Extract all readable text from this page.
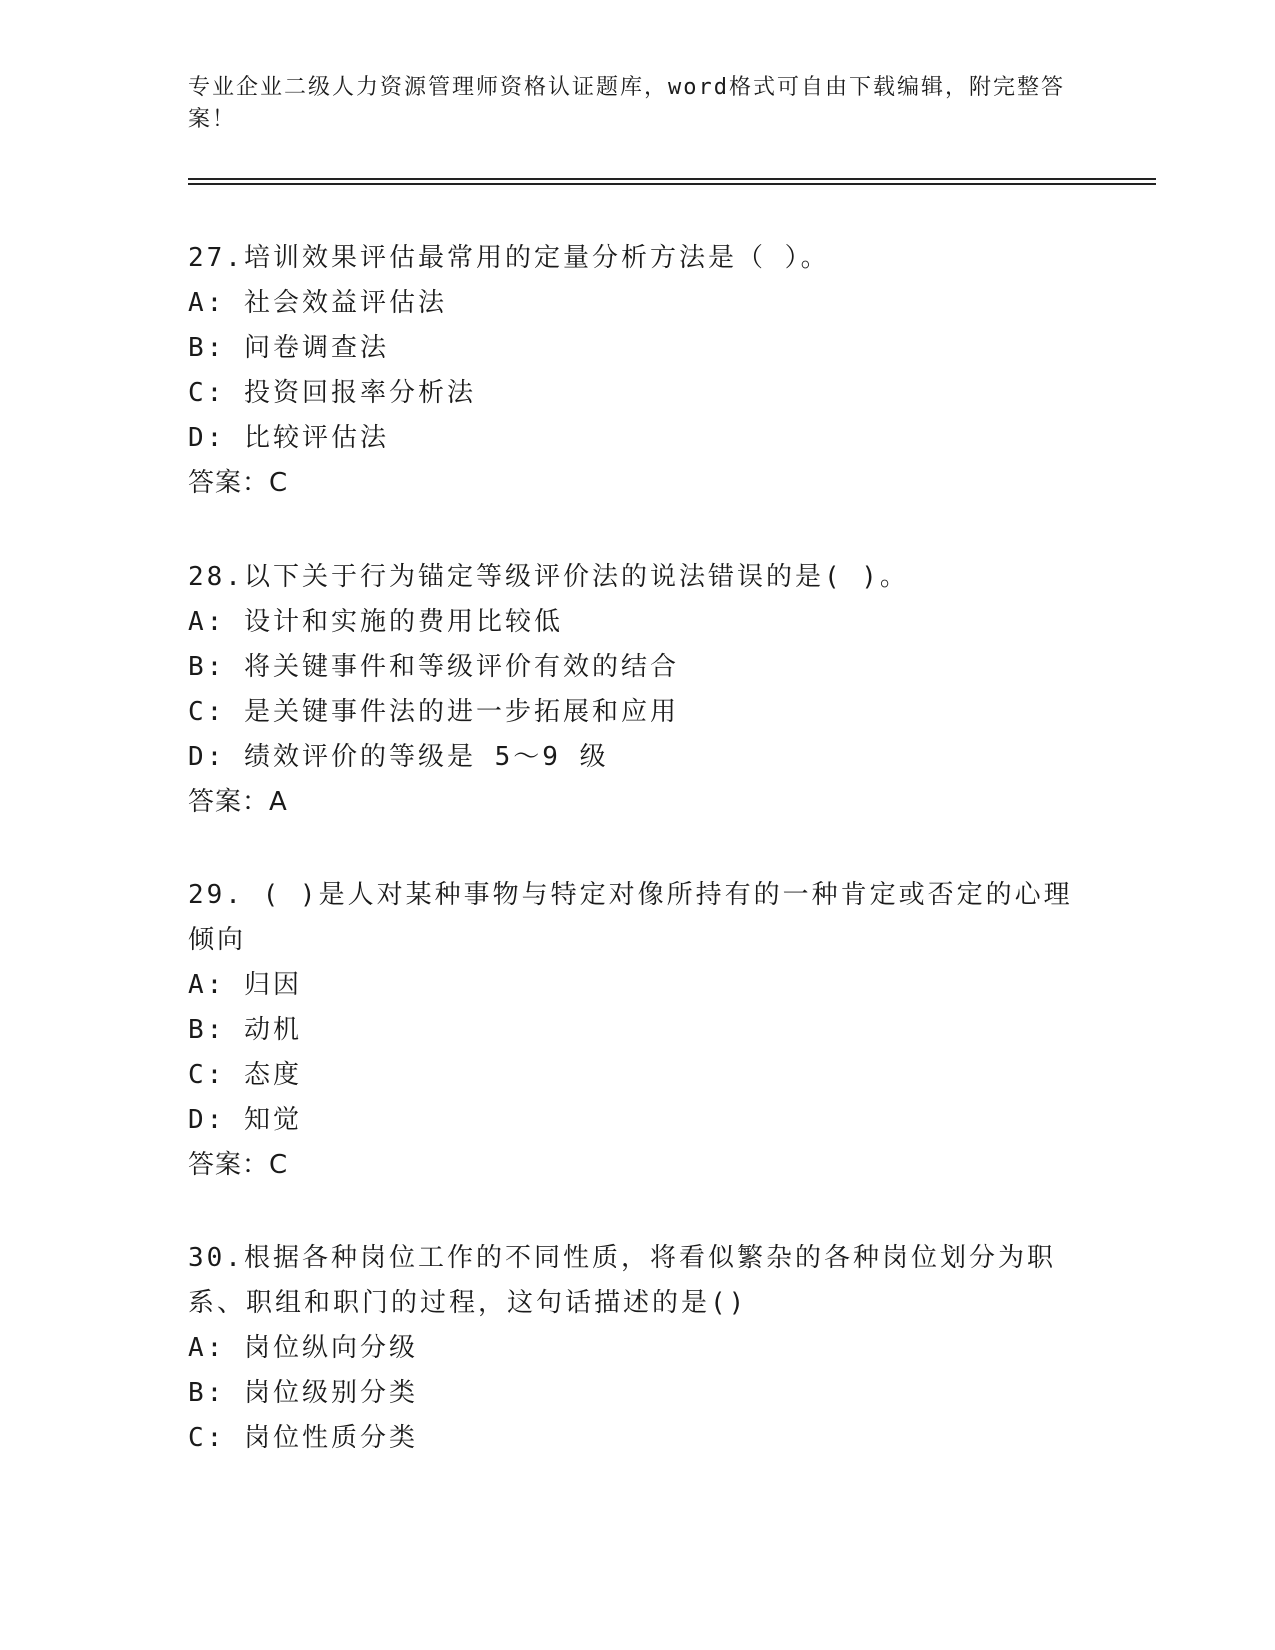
专业企业二级人力资源管理师资格认证题库，word格式可自由下载编辑，附完整答案！

27.培训效果评估最常用的定量分析方法是（ ）。

A: 社会效益评估法
B: 问卷调查法
C: 投资回报率分析法
D: 比较评估法

答案：C

28.以下关于行为锚定等级评价法的说法错误的是( )。

A: 设计和实施的费用比较低
B: 将关键事件和等级评价有效的结合
C: 是关键事件法的进一步拓展和应用
D: 绩效评价的等级是 5～9 级

答案：A

29. ( )是人对某种事物与特定对像所持有的一种肯定或否定的心理倾向

A: 归因
B: 动机
C: 态度
D: 知觉

答案：C

30.根据各种岗位工作的不同性质，将看似繁杂的各种岗位划分为职系、职组和职门的过程，这句话描述的是()

A: 岗位纵向分级
B: 岗位级别分类
C: 岗位性质分类
